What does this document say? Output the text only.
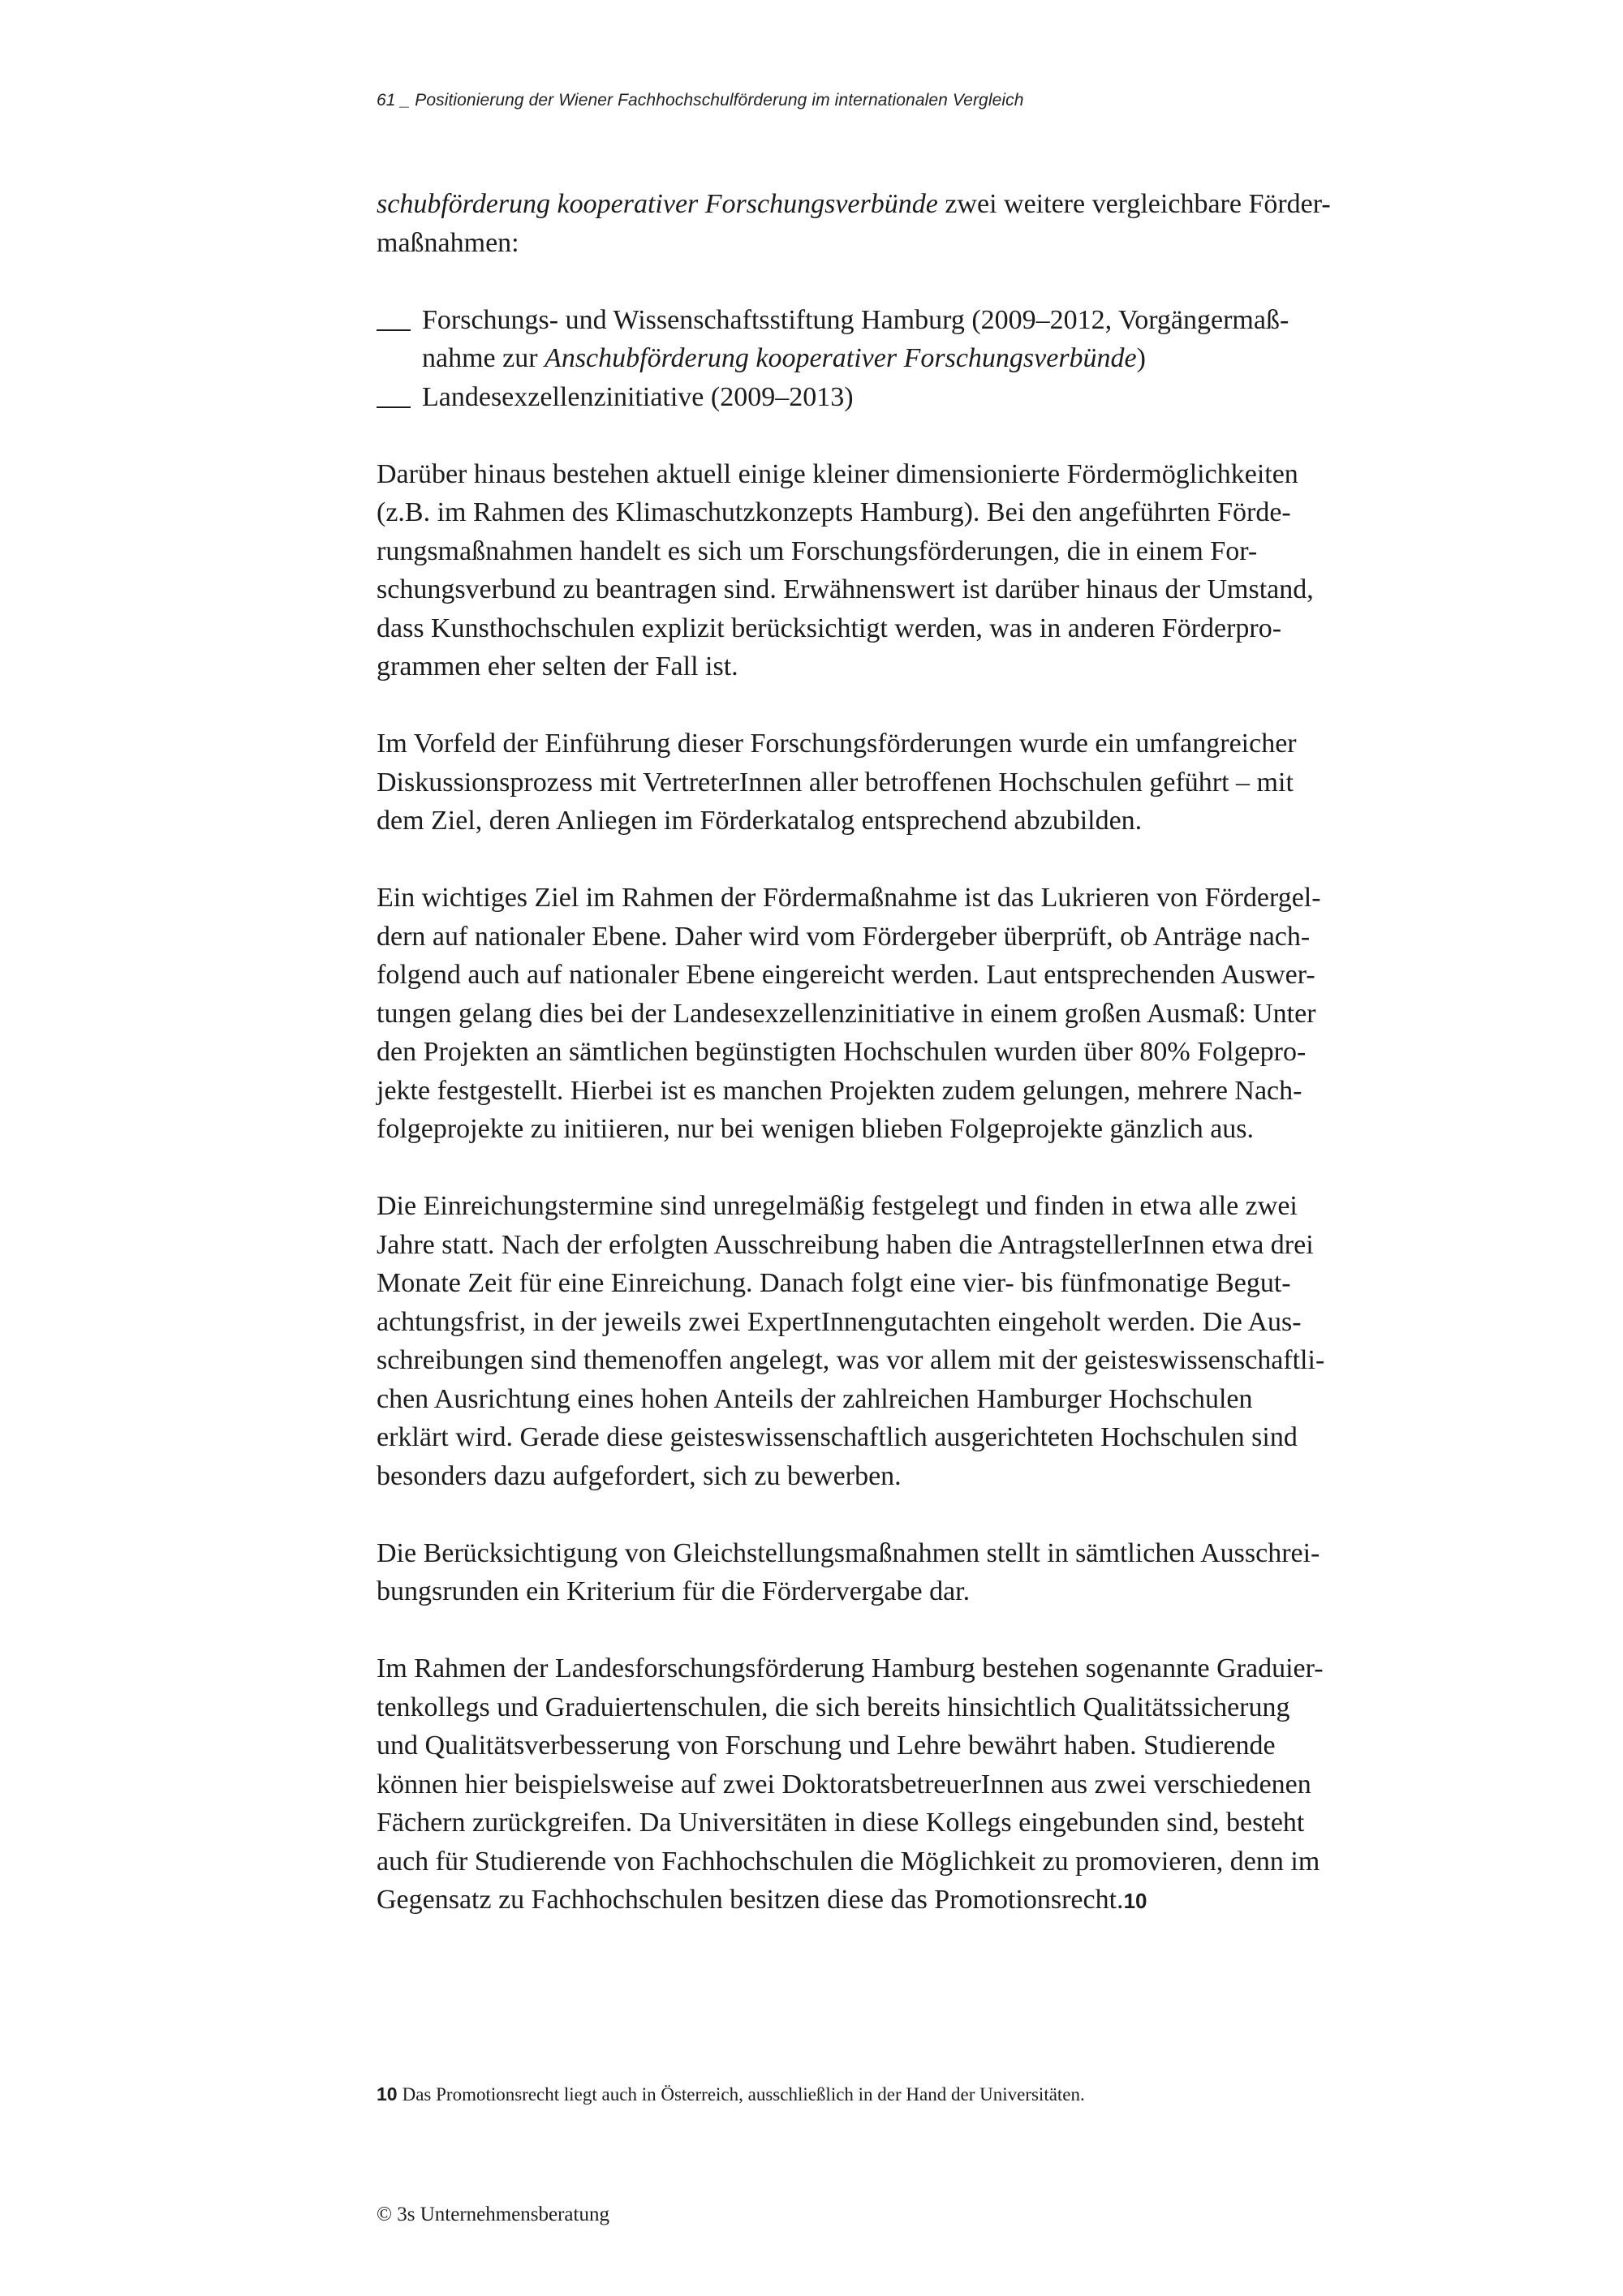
61 _ Positionierung der Wiener Fachhochschulförderung im internationalen Vergleich
schubförderung kooperativer Forschungsverbünde zwei weitere vergleichbare Förder-
maßnahmen:
Forschungs- und Wissenschaftsstiftung Hamburg (2009–2012, Vorgängermaß-
nahme zur Anschubförderung kooperativer Forschungsverbünde)
Landesexzellenzinitiative (2009–2013)
Darüber hinaus bestehen aktuell einige kleiner dimensionierte Fördermöglichkeiten
(z.B. im Rahmen des Klimaschutzkonzepts Hamburg). Bei den angeführten Förde-
rungsmaßnahmen handelt es sich um Forschungsförderungen, die in einem For-
schungsverbund zu beantragen sind. Erwähnenswert ist darüber hinaus der Umstand,
dass Kunsthochschulen explizit berücksichtigt werden, was in anderen Förderpro-
grammen eher selten der Fall ist.
Im Vorfeld der Einführung dieser Forschungsförderungen wurde ein umfangreicher
Diskussionsprozess mit VertreterInnen aller betroffenen Hochschulen geführt – mit
dem Ziel, deren Anliegen im Förderkatalog entsprechend abzubilden.
Ein wichtiges Ziel im Rahmen der Fördermaßnahme ist das Lukrieren von Fördergel-
dern auf nationaler Ebene. Daher wird vom Fördergeber überprüft, ob Anträge nach-
folgend auch auf nationaler Ebene eingereicht werden. Laut entsprechenden Auswer-
tungen gelang dies bei der Landesexzellenzinitiative in einem großen Ausmaß: Unter
den Projekten an sämtlichen begünstigten Hochschulen wurden über 80% Folgepro-
jekte festgestellt. Hierbei ist es manchen Projekten zudem gelungen, mehrere Nach-
folgeprojekte zu initiieren, nur bei wenigen blieben Folgeprojekte gänzlich aus.
Die Einreichungstermine sind unregelmäßig festgelegt und finden in etwa alle zwei
Jahre statt. Nach der erfolgten Ausschreibung haben die AntragstellerInnen etwa drei
Monate Zeit für eine Einreichung. Danach folgt eine vier- bis fünfmonatige Begut-
achtungsfrist, in der jeweils zwei ExpertInnengutachten eingeholt werden. Die Aus-
schreibungen sind themenoffen angelegt, was vor allem mit der geisteswissenschaftli-
chen Ausrichtung eines hohen Anteils der zahlreichen Hamburger Hochschulen
erklärt wird. Gerade diese geisteswissenschaftlich ausgerichteten Hochschulen sind
besonders dazu aufgefordert, sich zu bewerben.
Die Berücksichtigung von Gleichstellungsmaßnahmen stellt in sämtlichen Ausschrei-
bungsrunden ein Kriterium für die Fördervergabe dar.
Im Rahmen der Landesforschungsförderung Hamburg bestehen sogenannte Graduier-
tenkollegs und Graduiertenschulen, die sich bereits hinsichtlich Qualitätssicherung
und Qualitätsverbesserung von Forschung und Lehre bewährt haben. Studierende
können hier beispielsweise auf zwei DoktoratsbetreuerInnen aus zwei verschiedenen
Fächern zurückgreifen. Da Universitäten in diese Kollegs eingebunden sind, besteht
auch für Studierende von Fachhochschulen die Möglichkeit zu promovieren, denn im
Gegensatz zu Fachhochschulen besitzen diese das Promotionsrecht.10
10 Das Promotionsrecht liegt auch in Österreich, ausschließlich in der Hand der Universitäten.
© 3s Unternehmensberatung
